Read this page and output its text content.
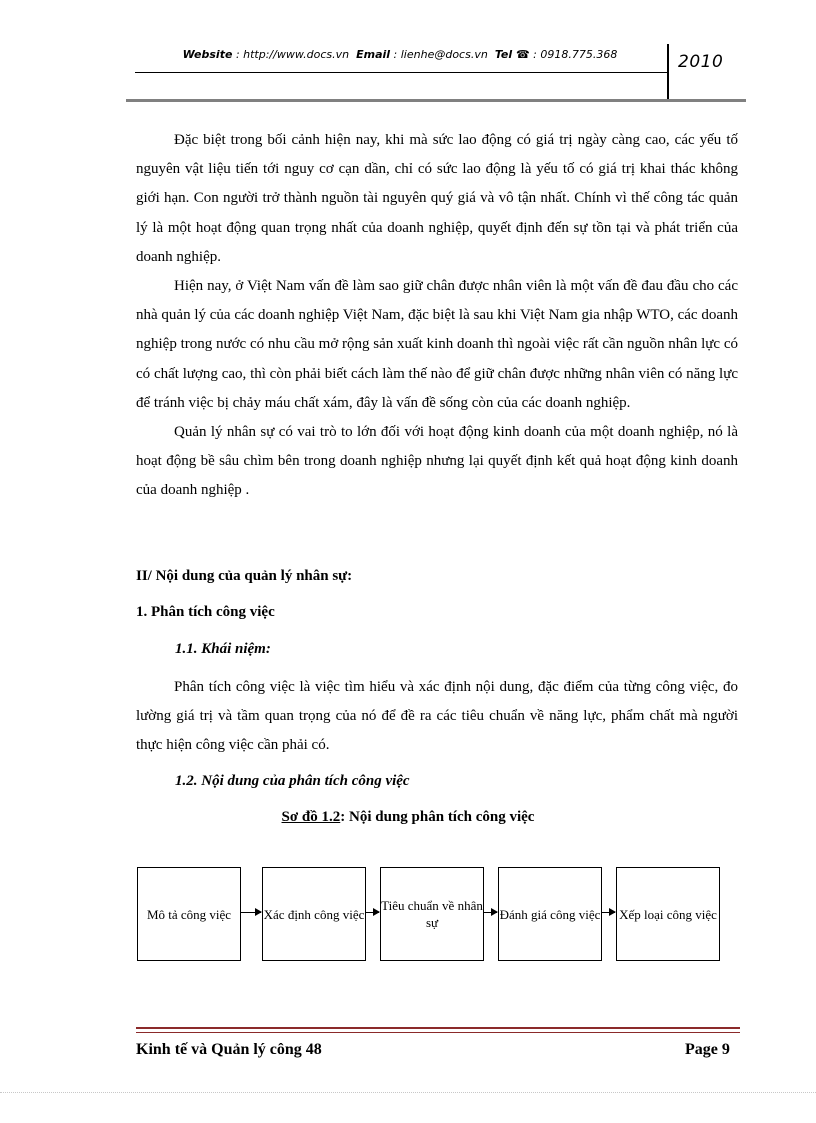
Website : http://www.docs.vn Email : lienhe@docs.vn Tel ☎ : 0918.775.368	2010

Đặc biệt trong bối cảnh hiện nay, khi mà sức lao động có giá trị ngày càng cao, các yếu tố nguyên vật liệu tiến tới nguy cơ cạn dần, chỉ có sức lao động là yếu tố có giá trị khai thác không giới hạn. Con người trở thành nguồn tài nguyên quý giá và vô tận nhất. Chính vì thế công tác quản lý là một hoạt động quan trọng nhất của doanh nghiệp, quyết định đến sự tồn tại và phát triển của doanh nghiệp.

Hiện nay, ở Việt Nam vấn đề làm sao giữ chân được nhân viên là một vấn đề đau đầu cho các nhà quản lý của các doanh nghiệp Việt Nam, đặc biệt là sau khi Việt Nam gia nhập WTO, các doanh nghiệp trong nước có nhu cầu mở rộng sản xuất kinh doanh thì ngoài việc rất cần nguồn nhân lực có có chất lượng cao, thì còn phải biết cách làm thế nào để giữ chân được những nhân viên có năng lực để tránh việc bị chảy máu chất xám, đây là vấn đề sống còn của các doanh nghiệp.

Quản lý nhân sự có vai trò to lớn đối với hoạt động kinh doanh của một doanh nghiệp, nó là hoạt động bề sâu chìm bên trong doanh nghiệp nhưng lại quyết định kết quả hoạt động kinh doanh của doanh nghiệp .

II/ Nội dung của quản lý nhân sự:
1. Phân tích công việc
1.1. Khái niệm:

Phân tích công việc là việc tìm hiểu và xác định nội dung, đặc điểm của từng công việc, đo lường giá trị và tầm quan trọng của nó để đề ra các tiêu chuẩn về năng lực, phẩm chất mà người thực hiện công việc cần phải có.

1.2. Nội dung của phân tích công việc
Sơ đồ 1.2: Nội dung phân tích công việc
Mô tả công việc	Xác định công việc
Tiêu chuẩn về nhân sự
Đánh giá công việc Xếp loại công việc
Kinh tế và Quản lý công 48	Page 9
